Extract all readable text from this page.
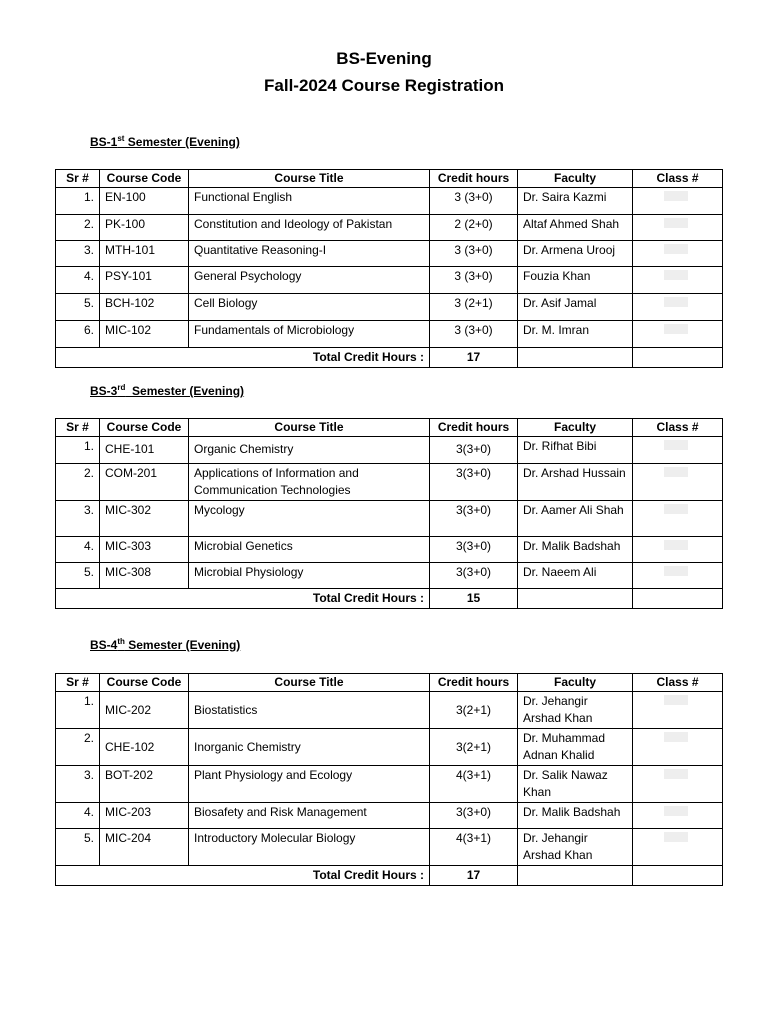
BS-Evening
Fall-2024 Course Registration
BS-1st Semester (Evening)
Sr #	Course Code	Course Title	Credit hours	Faculty	Class #
1.	EN-100	Functional English	3 (3+0)	Dr. Saira Kazmi	

2.	PK-100	Constitution and Ideology of Pakistan	2 (2+0)	Altaf Ahmed Shah	

3.	MTH-101	Quantitative Reasoning-I	3 (3+0)	Dr. Armena Urooj	

4.	PSY-101	General Psychology	3 (3+0)	Fouzia Khan	

5.	BCH-102	Cell Biology	3 (2+1)	Dr. Asif Jamal	

6.	MIC-102	Fundamentals of Microbiology	3 (3+0)	Dr. M. Imran	

Total Credit Hours :			17		
BS-3rd  Semester (Evening)
Sr #	Course Code	Course Title	Credit hours	Faculty	Class #
1.	CHE-101	Organic Chemistry	3(3+0)	Dr. Rifhat Bibi	

2.	COM-201	Applications of Information and Communication Technologies	3(3+0)	Dr. Arshad Hussain	

3.	MIC-302	Mycology	3(3+0)	Dr. Aamer Ali Shah	

4.	MIC-303	Microbial Genetics	3(3+0)	Dr. Malik Badshah	

5.	MIC-308	Microbial Physiology	3(3+0)	Dr. Naeem Ali	

Total Credit Hours :			15		
BS-4th Semester (Evening)
Sr #	Course Code	Course Title	Credit hours	Faculty	Class #
1.	MIC-202	Biostatistics	3(2+1)	Dr. Jehangir Arshad Khan	

2.	CHE-102	Inorganic Chemistry	3(2+1)	Dr. Muhammad Adnan Khalid	

3.	BOT-202	Plant Physiology and Ecology	4(3+1)	Dr. Salik Nawaz Khan	

4.	MIC-203	Biosafety and Risk Management	3(3+0)	Dr. Malik Badshah	

5.	MIC-204	Introductory Molecular Biology	4(3+1)	Dr. Jehangir Arshad Khan	

Total Credit Hours :			17		
